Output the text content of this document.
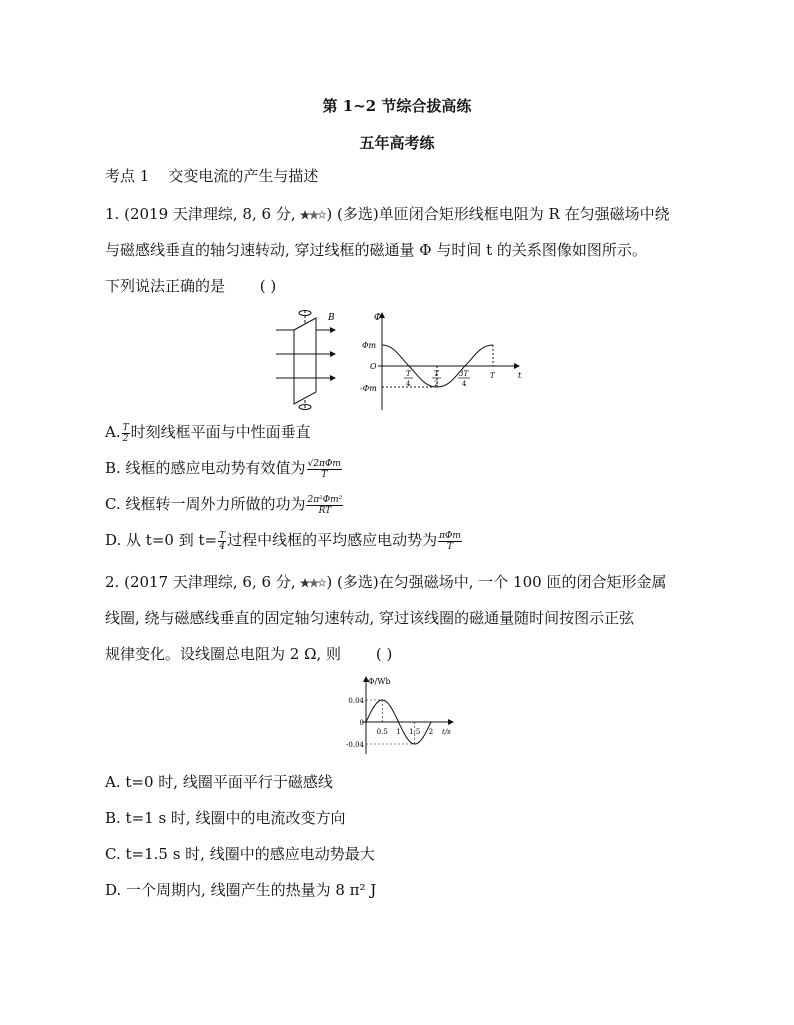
第 1~2 节综合拔高练
五年高考练
考点 1 交变电流的产生与描述
1. (2019 天津理综, 8, 6 分, ) (多选)单匝闭合矩形线框电阻为 R 在匀强磁场中绕
与磁感线垂直的轴匀速转动, 穿过线框的磁通量 Φ 与时间 t 的关系图像如图所示。
下列说法正确的是 ( )
B	Φ
Φm
O
-Φm
t
T
4
T
2
3T
4
T
A. $\frac{T}{2}$ 时刻线框平面与中性面垂直
B. 线框的感应电动势有效值为 $\frac{\text{√2πΦm}}{T}$
C. 线框转一周外力所做的功为 $\frac{\text{2π²Φm²}}{RT}$
D. 从 t=0 到 $t= \frac{T}{4}$ 过程中线框的平均感应电动势为 $\frac{\text{πΦm}}{T}$
2. (2017 天津理综, 6, 6 分, ) (多选)在匀强磁场中, 一个 100 匝的闭合矩形金属
线圈, 绕与磁感线垂直的固定轴匀速转动, 穿过该线圈的磁通量随时间按图示正弦
规律变化。设线圈总电阻为 2 Ω, 则 ( )
Φ/Wb
t/s
0.04
0
-0.04
0.5 1 1.5 2
A. t=0 时, 线圈平面平行于磁感线
B. t=1 s 时, 线圈中的电流改变方向
C. t=1.5 s 时, 线圈中的感应电动势最大
D. 一个周期内, 线圈产生的热量为 8 π² J
